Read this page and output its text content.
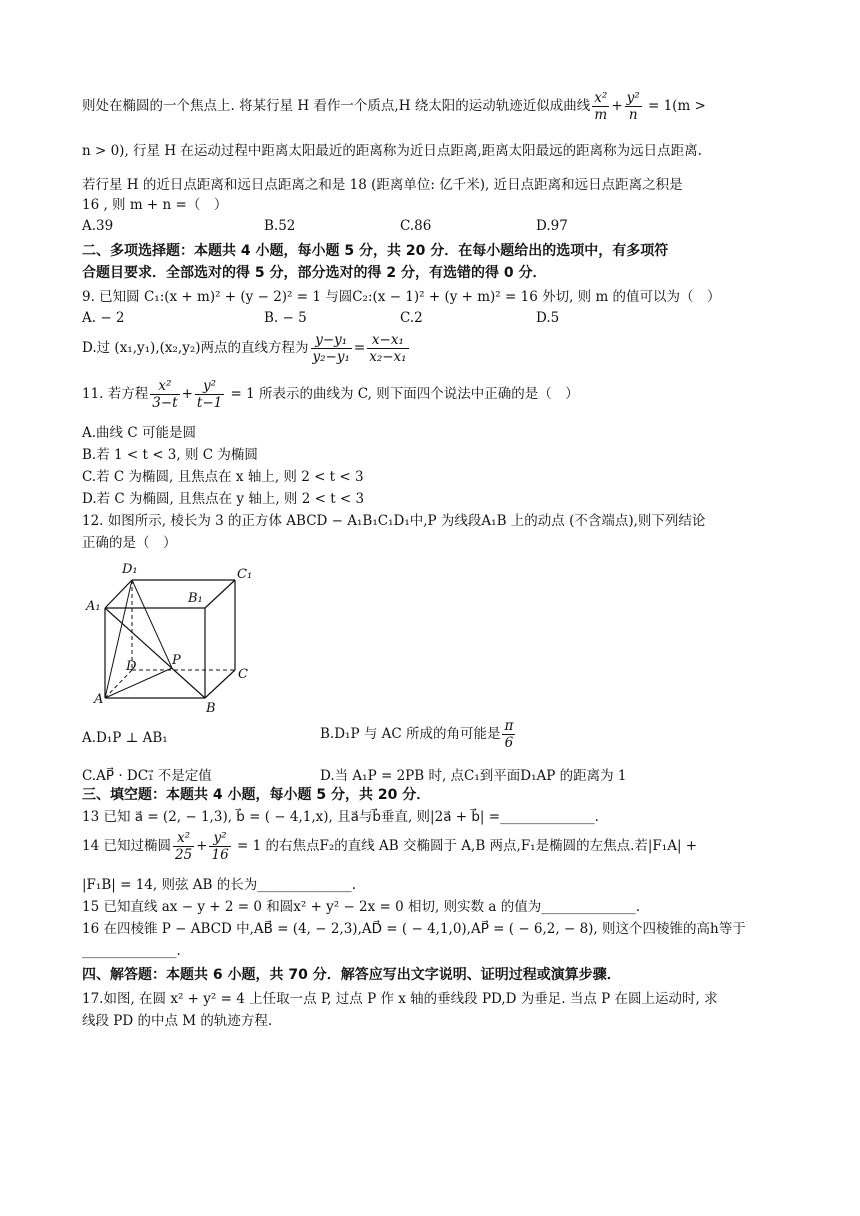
则处在椭圆的一个焦点上. 将某行星 H 看作一个质点,H 绕太阳的运动轨迹近似成曲线 $\frac{\text{x²}}{m} + \frac{\text{y²}}{n} = 1(m$ >
n > 0), 行星 H 在运动过程中距离太阳最近的距离称为近日点距离,距离太阳最远的距离称为远日点距离.
若行星 H 的近日点距离和远日点距离之和是 18 (距离单位: 亿千米), 近日点距离和远日点距离之积是
16 , 则 m + n =（　）
A.39	B.52	C.86	D.97
二、多项选择题：本题共 4 小题，每小题 5 分，共 20 分．在每小题给出的选项中，有多项符
合题目要求．全部选对的得 5 分，部分选对的得 2 分，有选错的得 0 分．
9. 已知圆 C₁:(x + m)² + (y − 2)² = 1 与圆C₂:(x − 1)² + (y + m)² = 16 外切, 则 m 的值可以为（　）
A. − 2	B. − 5	C.2	D.5
D.过 (x₁,y₁),(x₂,y₂)两点的直线方程为 $\frac{\text{y−y₁}}{\text{y₂−y₁}} = \frac{\text{x−x₁}}{\text{x₂−x₁}}$
11. 若方程 $\frac{\text{x²}}{3-t} + \frac{\text{y²}}{t-1} = 1$ 所表示的曲线为 C, 则下面四个说法中正确的是（　）
A.曲线 C 可能是圆
B.若 1 < t < 3, 则 C 为椭圆
C.若 C 为椭圆, 且焦点在 x 轴上, 则 2 < t < 3
D.若 C 为椭圆, 且焦点在 y 轴上, 则 2 < t < 3
12. 如图所示, 棱长为 3 的正方体 ABCD − A₁B₁C₁D₁中,P 为线段A₁B 上的动点 (不含端点),则下列结论
正确的是（　）
D₁	C₁
A₁
B₁
D	P
C
A
B
A.D₁P ⊥ AB₁	B.D₁P 与 AC 所成的角可能是 $\frac{\pi}{6}$
C.AP⃗ · DC₁⃗ 不是定值	D.当 A₁P = 2PB 时, 点C₁到平面D₁AP 的距离为 1
三、填空题：本题共 4 小题，每小题 5 分，共 20 分．
13 已知 a⃗ = (2, − 1,3), b⃗ = ( − 4,1,x), 且a⃗与b⃗垂直, 则|2a⃗ + b⃗| =______________.
14 已知过椭圆 $\frac{\text{x²}}{25} + \frac{\text{y²}}{16} = 1$ 的右焦点F₂的直线 AB 交椭圆于 A,B 两点,F₁是椭圆的左焦点.若|F₁A| +
|F₁B| = 14, 则弦 AB 的长为______________.
15 已知直线 ax − y + 2 = 0 和圆x² + y² − 2x = 0 相切, 则实数 a 的值为______________.
16 在四棱锥 P − ABCD 中,AB⃗ = (4, − 2,3),AD⃗ = ( − 4,1,0),AP⃗ = ( − 6,2, − 8), 则这个四棱锥的高h等于
______________.
四、解答题：本题共 6 小题，共 70 分．解答应写出文字说明、证明过程或演算步骤．
17.如图, 在圆 x² + y² = 4 上任取一点 P, 过点 P 作 x 轴的垂线段 PD,D 为垂足. 当点 P 在圆上运动时, 求
线段 PD 的中点 M 的轨迹方程.
